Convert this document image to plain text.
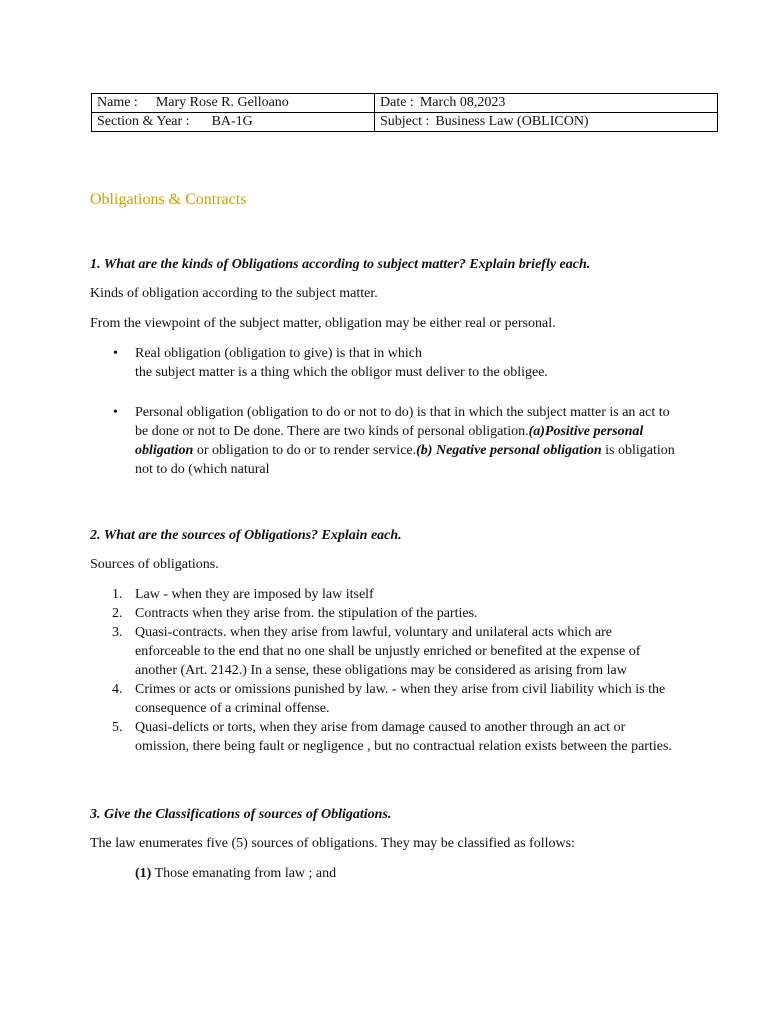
Name : Mary Rose R. Gelloano	Date : March 08,2023
Section & Year : BA-1G	Subject : Business Law (OBLICON)
Obligations & Contracts

1. What are the kinds of Obligations according to subject matter? Explain briefly each.

Kinds of obligation according to the subject matter.

From the viewpoint of the subject matter, obligation may be either real or personal.

• Real obligation (obligation to give) is that in which
the subject matter is a thing which the obligor must deliver to the obligee.
• Personal obligation (obligation to do or not to do) is that in which the subject matter is an act to be done or not to De done. There are two kinds of personal obligation.(a)Positive personal obligation or obligation to do or to render service.(b) Negative personal obligation is obligation not to do (which natural

2. What are the sources of Obligations? Explain each.

Sources of obligations.

1. Law - when they are imposed by law itself
2. Contracts when they arise from. the stipulation of the parties.
3. Quasi-contracts. when they arise from lawful, voluntary and unilateral acts which are enforceable to the end that no one shall be unjustly enriched or benefited at the expense of another (Art. 2142.) In a sense, these obligations may be considered as arising from law
4. Crimes or acts or omissions punished by law. - when they arise from civil liability which is the consequence of a criminal offense.
5. Quasi-delicts or torts, when they arise from damage caused to another through an act or omission, there being fault or negligence , but no contractual relation exists between the parties.

3. Give the Classifications of sources of Obligations.

The law enumerates five (5) sources of obligations. They may be classified as follows:

(1) Those emanating from law ; and
